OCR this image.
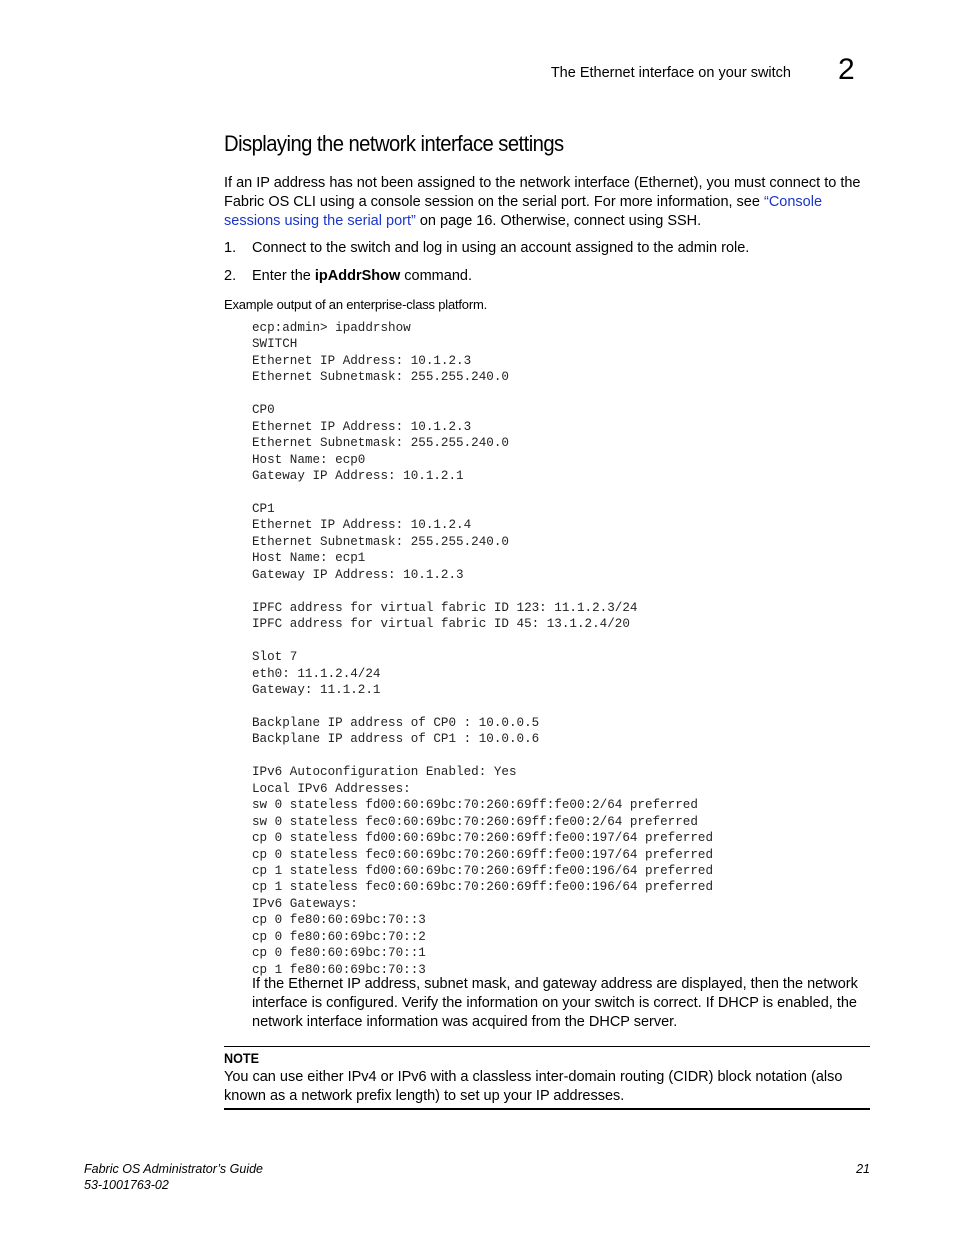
The Ethernet interface on your switch 2
Displaying the network interface settings

If an IP address has not been assigned to the network interface (Ethernet), you must connect to the Fabric OS CLI using a console session on the serial port. For more information, see “Console sessions using the serial port” on page 16. Otherwise, connect using SSH.

1. Connect to the switch and log in using an account assigned to the admin role.
2. Enter the ipAddrShow command.
Example output of an enterprise-class platform.
ecp:admin> ipaddrshow
SWITCH
Ethernet IP Address: 10.1.2.3
Ethernet Subnetmask: 255.255.240.0

CP0
Ethernet IP Address: 10.1.2.3
Ethernet Subnetmask: 255.255.240.0
Host Name: ecp0
Gateway IP Address: 10.1.2.1

CP1
Ethernet IP Address: 10.1.2.4
Ethernet Subnetmask: 255.255.240.0
Host Name: ecp1
Gateway IP Address: 10.1.2.3

IPFC address for virtual fabric ID 123: 11.1.2.3/24
IPFC address for virtual fabric ID 45: 13.1.2.4/20

Slot 7
eth0: 11.1.2.4/24
Gateway: 11.1.2.1

Backplane IP address of CP0 : 10.0.0.5
Backplane IP address of CP1 : 10.0.0.6

IPv6 Autoconfiguration Enabled: Yes
Local IPv6 Addresses:
sw 0 stateless fd00:60:69bc:70:260:69ff:fe00:2/64 preferred
sw 0 stateless fec0:60:69bc:70:260:69ff:fe00:2/64 preferred
cp 0 stateless fd00:60:69bc:70:260:69ff:fe00:197/64 preferred
cp 0 stateless fec0:60:69bc:70:260:69ff:fe00:197/64 preferred
cp 1 stateless fd00:60:69bc:70:260:69ff:fe00:196/64 preferred
cp 1 stateless fec0:60:69bc:70:260:69ff:fe00:196/64 preferred
IPv6 Gateways:
cp 0 fe80:60:69bc:70::3
cp 0 fe80:60:69bc:70::2
cp 0 fe80:60:69bc:70::1
cp 1 fe80:60:69bc:70::3

If the Ethernet IP address, subnet mask, and gateway address are displayed, then the network interface is configured. Verify the information on your switch is correct. If DHCP is enabled, the network interface information was acquired from the DHCP server.

NOTE

You can use either IPv4 or IPv6 with a classless inter-domain routing (CIDR) block notation (also known as a network prefix length) to set up your IP addresses.

Fabric OS Administrator’s Guide
53-1001763-02
21
